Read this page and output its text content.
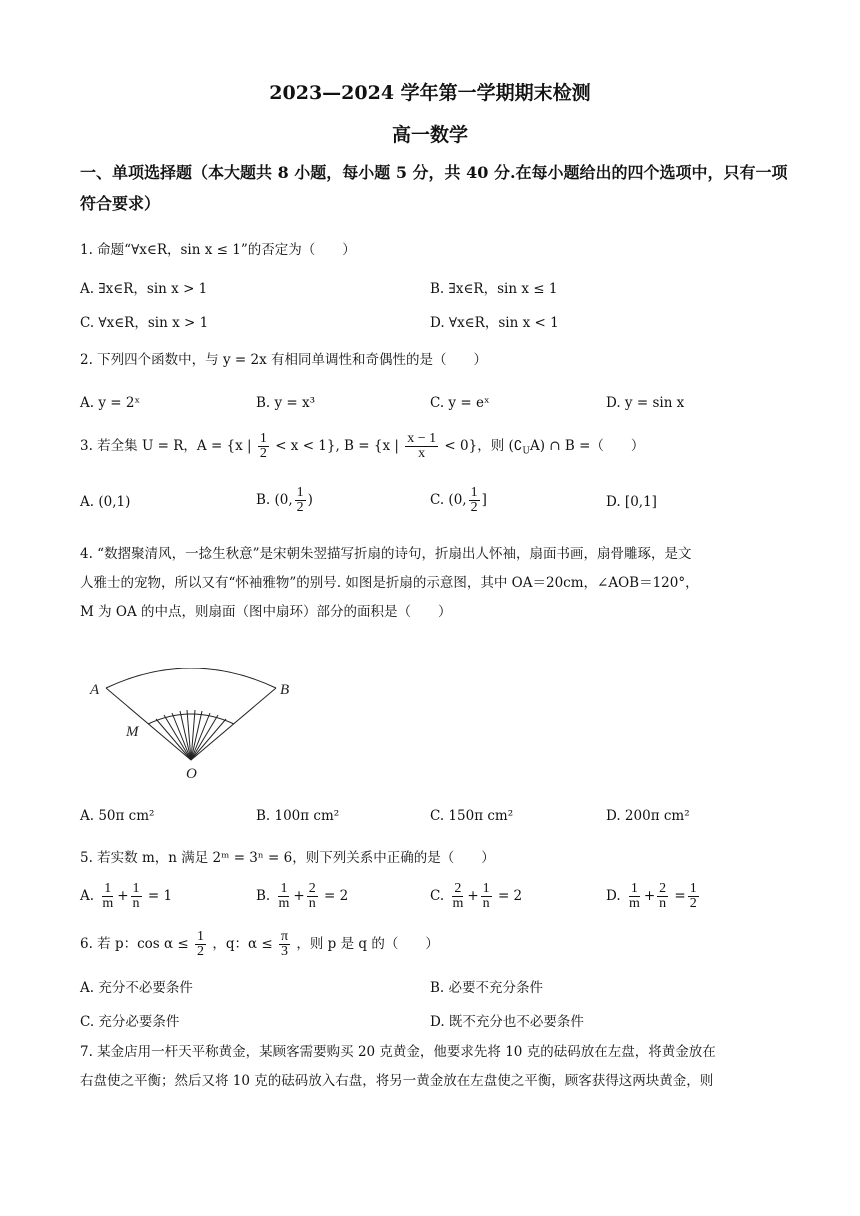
2023—2024 学年第一学期期末检测
高一数学
一、单项选择题（本大题共 8 小题，每小题 5 分，共 40 分.在每小题给出的四个选项中，只有一项符合要求）
1. 命题“∀x∈R，sin x ≤ 1”的否定为（　　）
A. ∃x∈R，sin x > 1	B. ∃x∈R，sin x ≤ 1
C. ∀x∈R，sin x > 1	D. ∀x∈R，sin x < 1
2. 下列四个函数中，与 y = 2x 有相同单调性和奇偶性的是（　　）
A. y = 2ˣ	B. y = x³	C. y = eˣ	D. y = sin x
3. 若全集 U = R，A = {x | $\frac{1}{2} < x < 1$}, B = {x | $\frac{x - 1}{x} < 0$}，则 $(∁_UA)$ ∩ B =（　　）
A. (0,1)	B. (0, $\frac{1}{2}$ )	C. (0, $\frac{1}{2}$ ]	D. [0,1]
4. “数摺聚清风，一捻生秋意”是宋朝朱翌描写折扇的诗句，折扇出人怀袖，扇面书画，扇骨雕琢，是文
人雅士的宠物，所以又有“怀袖雅物”的别号. 如图是折扇的示意图，其中 OA＝20cm，∠AOB＝120°，
M 为 OA 的中点，则扇面（图中扇环）部分的面积是（　　）
A	B
M
O
A. 50π cm²	B. 100π cm²	C. 150π cm²	D. 200π cm²
5. 若实数 m，n 满足 2ᵐ = 3ⁿ = 6，则下列关系中正确的是（　　）
A. $\frac{1}{m} + \frac{1}{n} = 1$	B. $\frac{1}{m} + \frac{2}{n} = 2$	C. $\frac{2}{m} + \frac{1}{n} = 2$	D. $\frac{1}{m} + \frac{2}{n} = \frac{1}{2}$
6. 若 p：$\cos \alpha \le \frac{1}{2}$ ，q：$\alpha \le \frac{\pi}{3}$ ，则 p 是 q 的（　　）
A. 充分不必要条件	B. 必要不充分条件
C. 充分必要条件	D. 既不充分也不必要条件
7. 某金店用一杆天平称黄金，某顾客需要购买 20 克黄金，他要求先将 10 克的砝码放在左盘，将黄金放在
右盘使之平衡；然后又将 10 克的砝码放入右盘，将另一黄金放在左盘使之平衡，顾客获得这两块黄金，则
